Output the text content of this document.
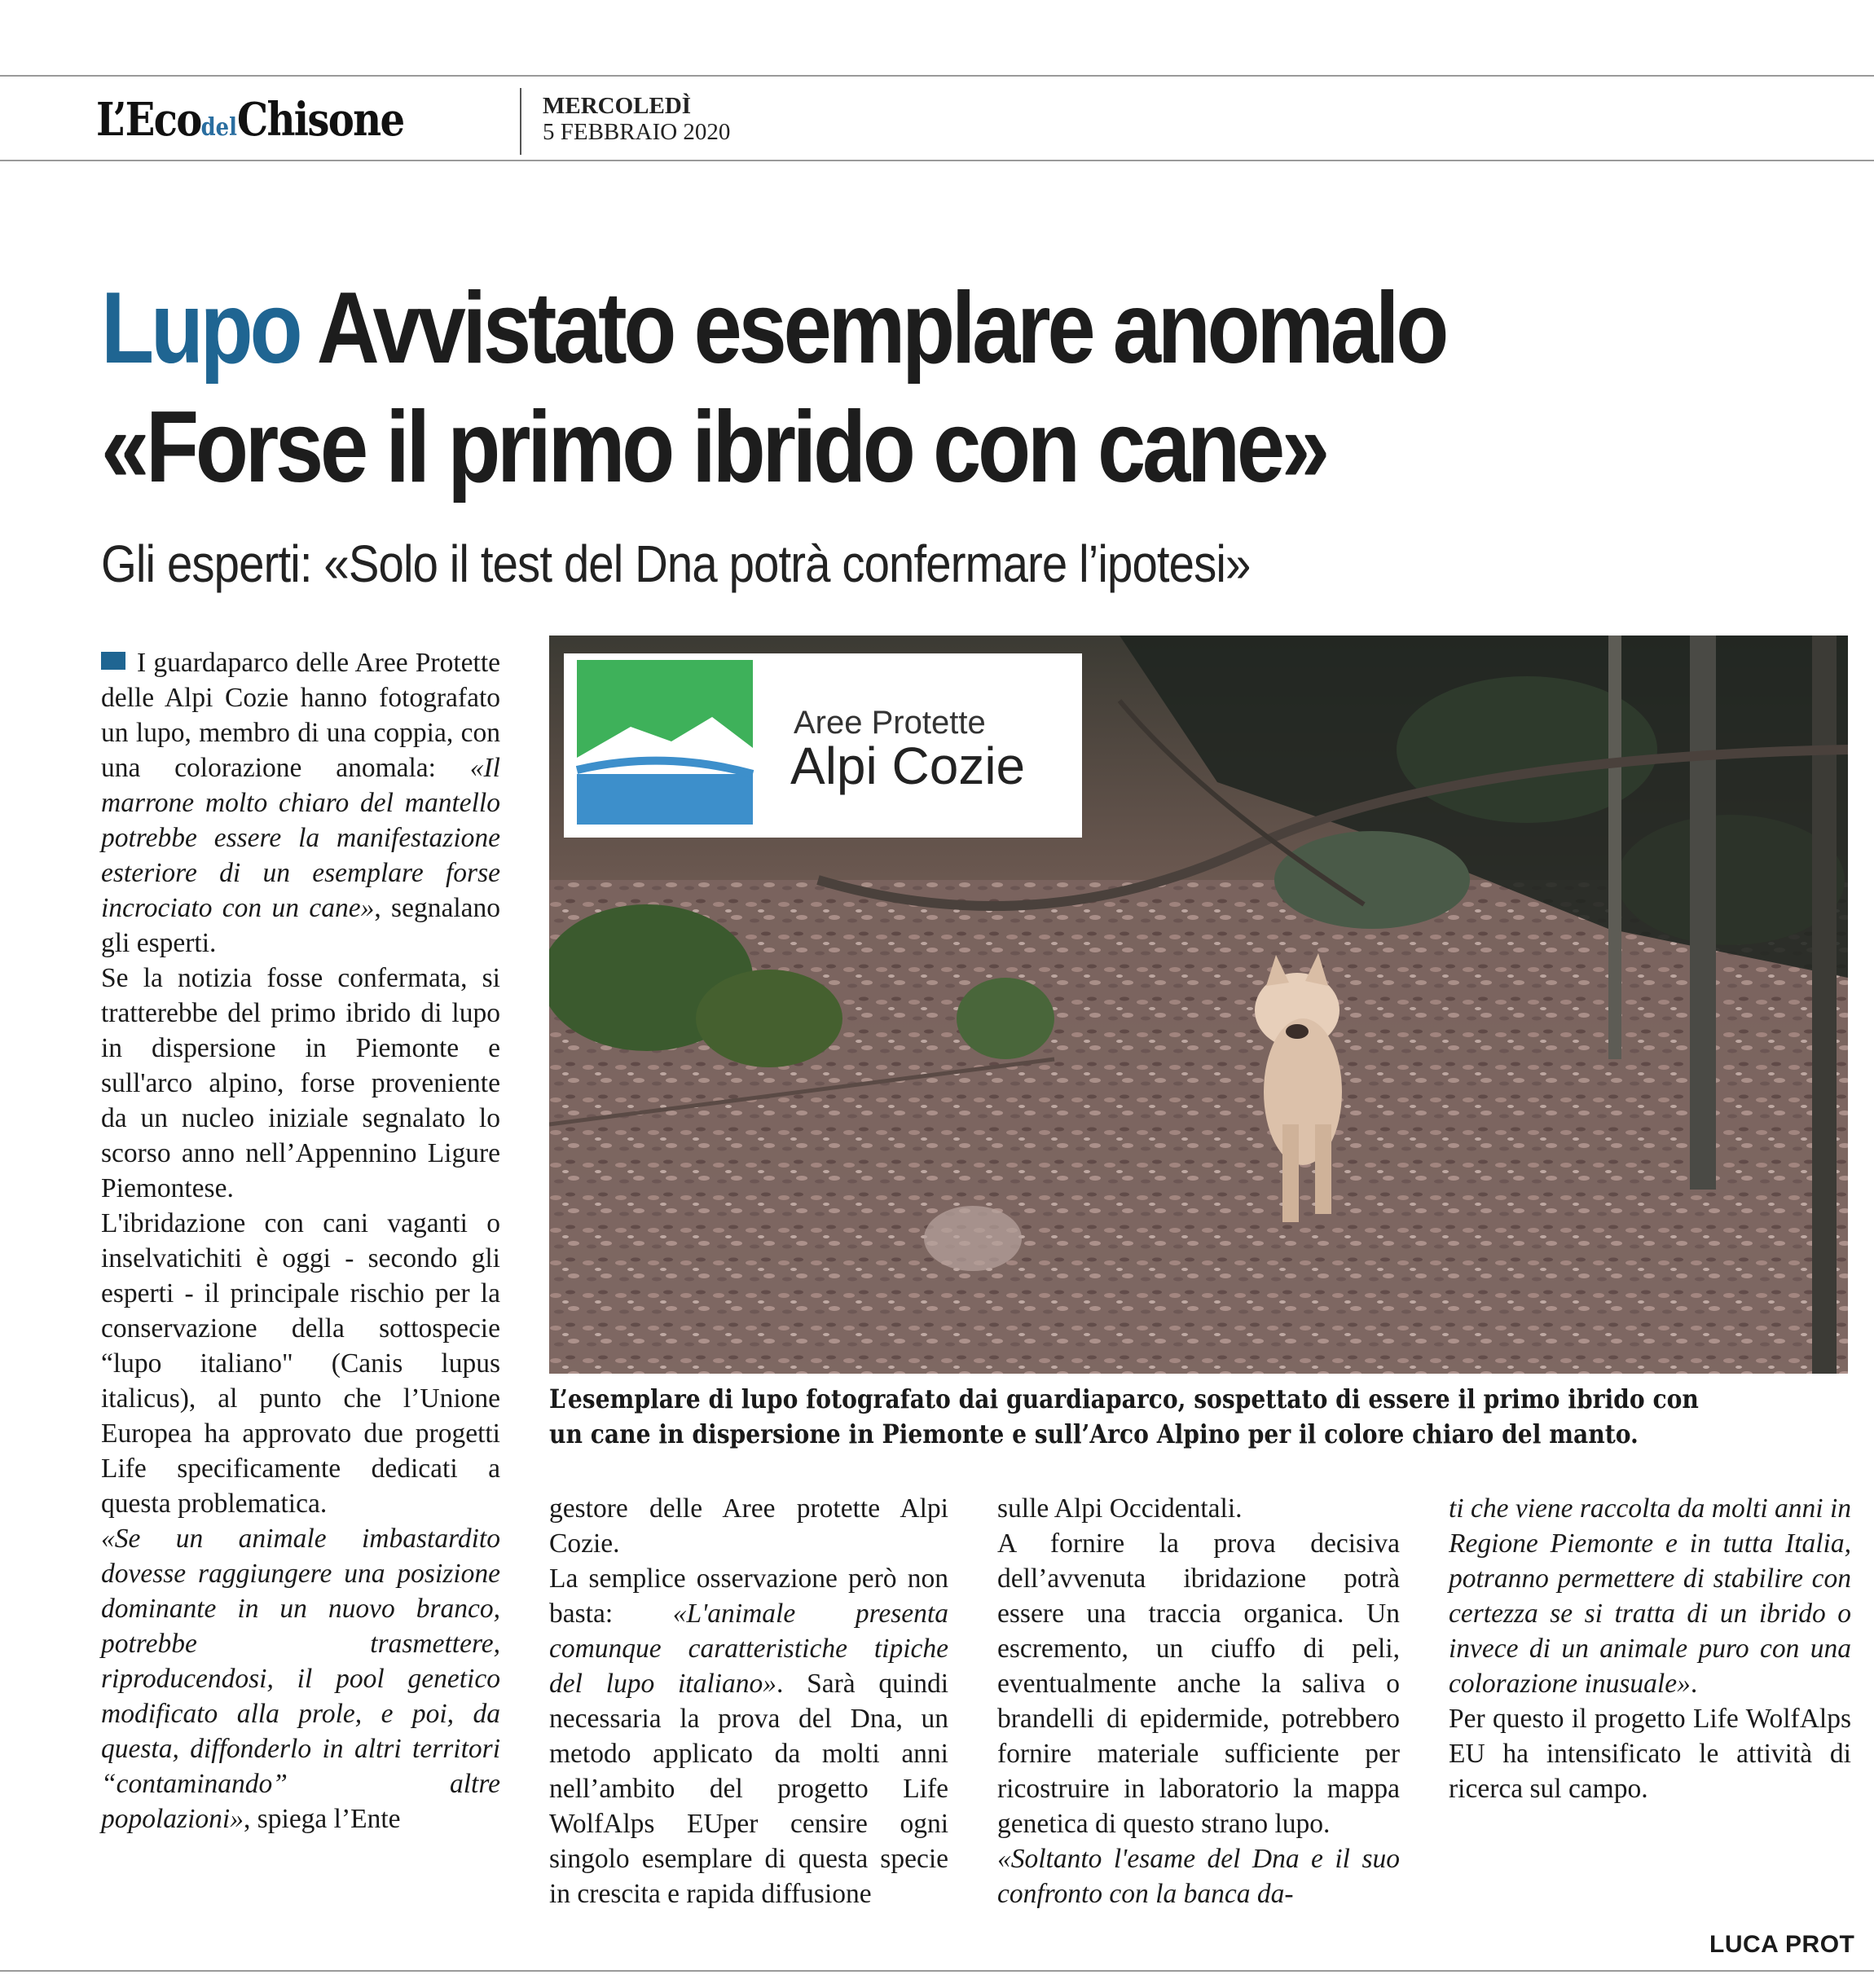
L’EcodelChisone	MERCOLEDÌ
5 FEBBRAIO 2020
Lupo Avvistato esemplare anomalo
«Forse il primo ibrido con cane»
Gli esperti: «Solo il test del Dna potrà confermare l’ipotesi»

I guardaparco delle Aree Protette delle Alpi Cozie hanno fotografato un lupo, membro di una coppia, con una colorazione anomala: «Il marrone molto chiaro del mantello potrebbe essere la manifestazione esteriore di un esemplare forse incrociato con un cane», segnalano gli esperti.

Se la notizia fosse confermata, si tratterebbe del primo ibrido di lupo in dispersione in Piemonte e sull'arco alpino, forse proveniente da un nucleo iniziale segnalato lo scorso anno nell’Appennino Ligure Piemontese.

L'ibridazione con cani vaganti o inselvatichiti è oggi - secondo gli esperti - il principale rischio per la conservazione della sottospecie “lupo italiano" (Canis lupus italicus), al punto che l’Unione Europea ha approvato due progetti Life specificamente dedicati a questa problematica.

«Se un animale imbastardito dovesse raggiungere una posizione dominante in un nuovo branco, potrebbe trasmettere, riproducendosi, il pool genetico modificato alla prole, e poi, da questa, diffonderlo in altri territori “contaminando” altre popolazioni», spiega l’Ente

Aree Protette
Alpi Cozie
L’esemplare di lupo fotografato dai guardiaparco, sospettato di essere il primo ibrido con
un cane in dispersione in Piemonte e sull’Arco Alpino per il colore chiaro del manto.

gestore delle Aree protette Alpi Cozie.

La semplice osservazione però non basta: «L'animale presenta comunque caratteristiche tipiche del lupo italiano». Sarà quindi necessaria la prova del Dna, un metodo applicato da molti anni nell’ambito del progetto Life WolfAlps EUper censire ogni singolo esemplare di questa specie in crescita e rapida diffusione

sulle Alpi Occidentali.

A fornire la prova decisiva dell’avvenuta ibridazione potrà essere una traccia organica. Un escremento, un ciuffo di peli, eventualmente anche la saliva o brandelli di epidermide, potrebbero fornire materiale sufficiente per ricostruire in laboratorio la mappa genetica di questo strano lupo.

«Soltanto l'esame del Dna e il suo confronto con la banca da-

ti che viene raccolta da molti anni in Regione Piemonte e in tutta Italia, potranno permettere di stabilire con certezza se si tratta di un ibrido o invece di un animale puro con una colorazione inusuale».

Per questo il progetto Life WolfAlps EU ha intensificato le attività di ricerca sul campo.

LUCA PROT
